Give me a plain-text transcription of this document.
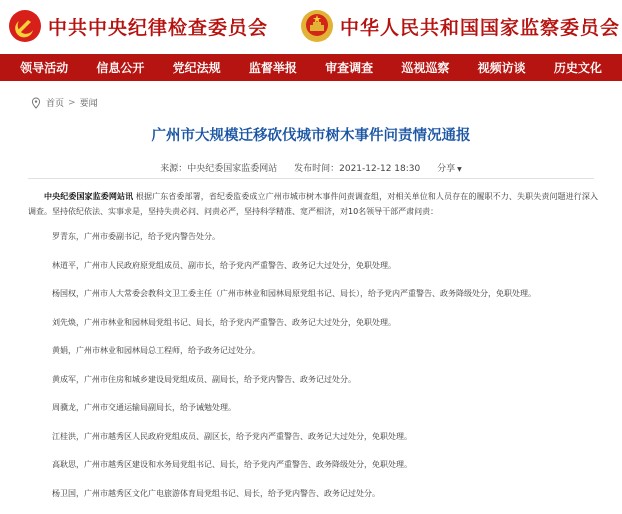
中共中央纪律检查委员会	中华人民共和国国家监察委员会
领导活动 信息公开 党纪法规 监督举报 审查调查 巡视巡察 视频访谈 历史文化
首页 > 要闻
广州市大规模迁移砍伐城市树木事件问责情况通报
来源：中央纪委国家监委网站 发布时间：2021-12-12 18:30 分享 ▼

中央纪委国家监委网站讯 根据广东省委部署，省纪委监委成立广州市城市树木事件问责调查组，对相关单位和人员存在的履职不力、失职失责问题进行深入调查。坚持依纪依法、实事求是，坚持失责必问、问责必严，坚持科学精准、宽严相济，对10名领导干部严肃问责：

罗青东，广州市委副书记，给予党内警告处分。

林道平，广州市人民政府原党组成员、副市长，给予党内严重警告、政务记大过处分，免职处理。

杨国权，广州市人大常委会教科文卫工委主任（广州市林业和园林局原党组书记、局长），给予党内严重警告、政务降级处分，免职处理。

刘先焕，广州市林业和园林局党组书记、局长，给予党内严重警告、政务记大过处分，免职处理。

黄娟，广州市林业和园林局总工程师，给予政务记过处分。

黄成军，广州市住房和城乡建设局党组成员、副局长，给予党内警告、政务记过处分。

周骥龙，广州市交通运输局副局长，给予诫勉处理。

江桂洪，广州市越秀区人民政府党组成员、副区长，给予党内严重警告、政务记大过处分，免职处理。

高耿思，广州市越秀区建设和水务局党组书记、局长，给予党内严重警告、政务降级处分，免职处理。

杨卫国，广州市越秀区文化广电旅游体育局党组书记、局长，给予党内警告、政务记过处分。
